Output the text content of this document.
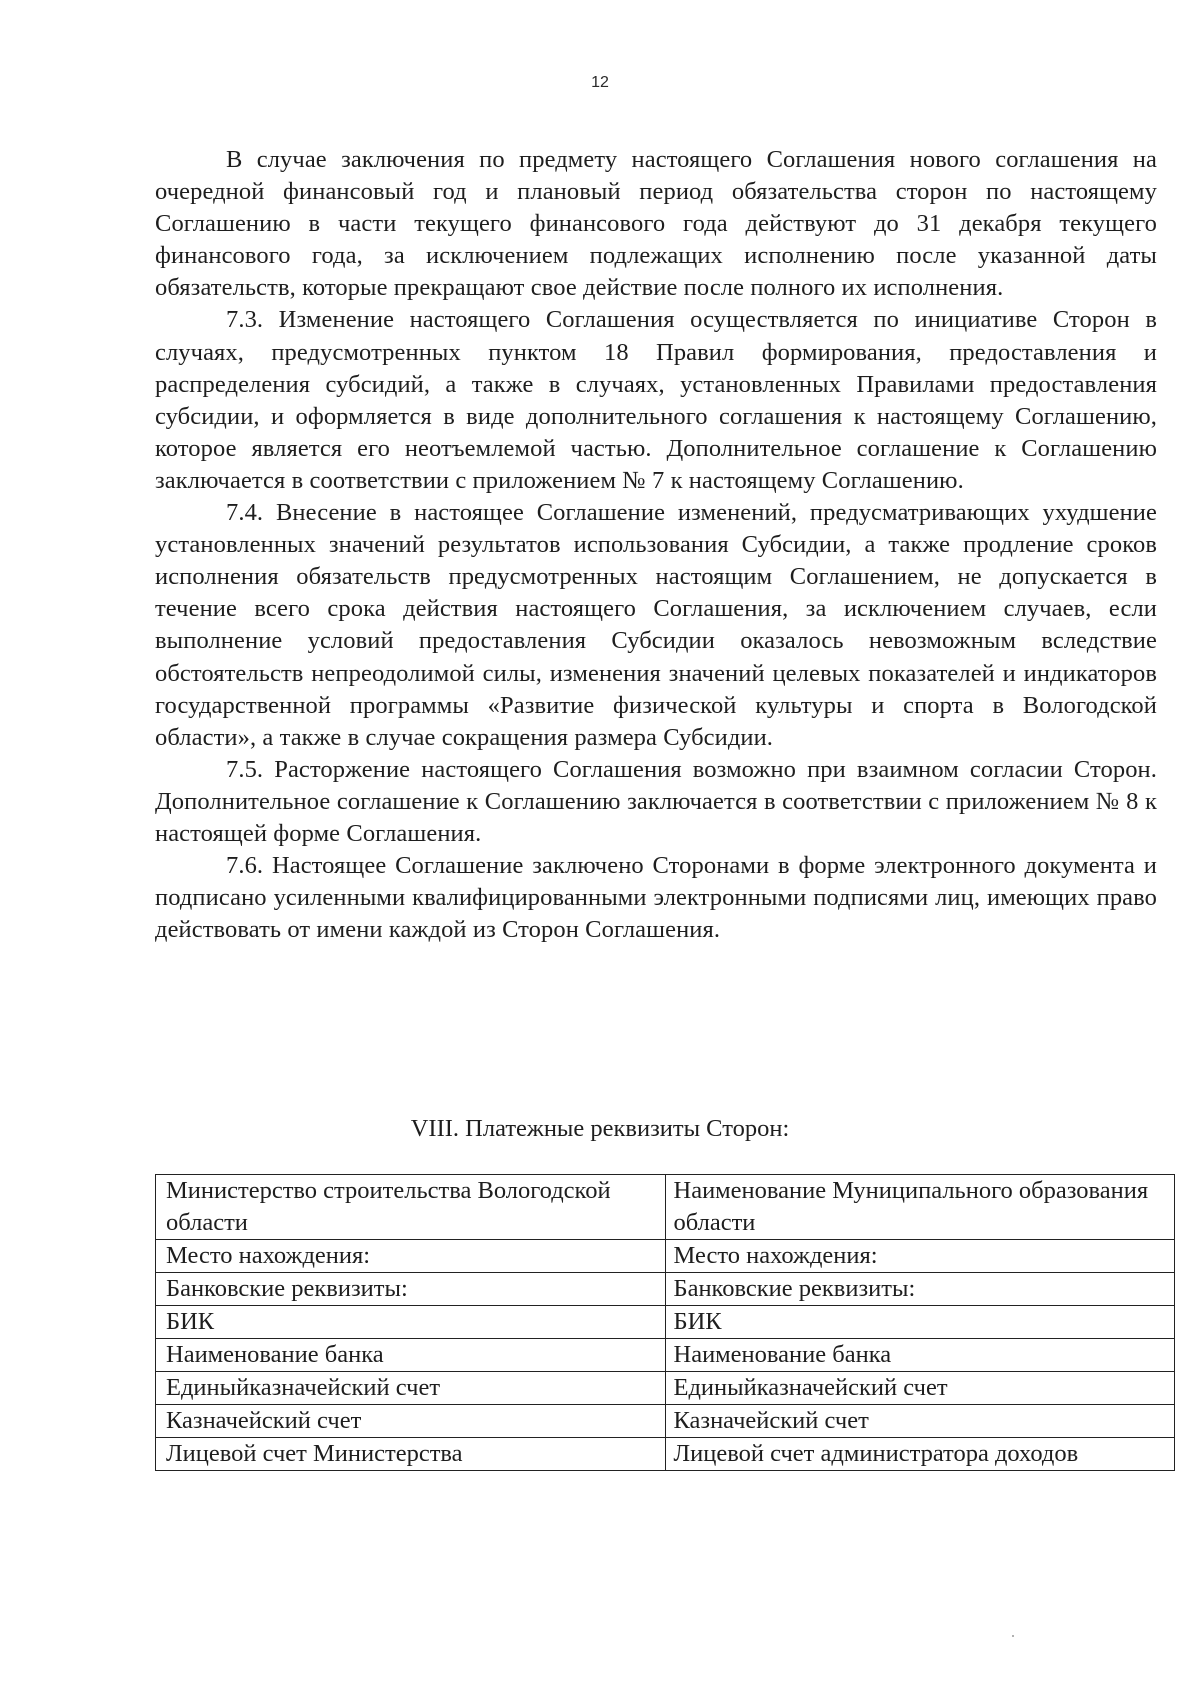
12

В случае заключения по предмету настоящего Соглашения нового соглашения на очередной финансовый год и плановый период обязательства сторон по настоящему Соглашению в части текущего финансового года действуют до 31 декабря текущего финансового года, за исключением подлежащих исполнению после указанной даты обязательств, которые прекращают свое действие после полного их исполнения.

7.3. Изменение настоящего Соглашения осуществляется по инициативе Сторон в случаях, предусмотренных пунктом 18 Правил формирования, предоставления и распределения субсидий, а также в случаях, установленных Правилами предоставления субсидии, и оформляется в виде дополнительного соглашения к настоящему Соглашению, которое является его неотъемлемой частью. Дополнительное соглашение к Соглашению заключается в соответствии с приложением № 7 к настоящему Соглашению.

7.4. Внесение в настоящее Соглашение изменений, предусматривающих ухудшение установленных значений результатов использования Субсидии, а также продление сроков исполнения обязательств предусмотренных настоящим Соглашением, не допускается в течение всего срока действия настоящего Соглашения, за исключением случаев, если выполнение условий предоставления Субсидии оказалось невозможным вследствие обстоятельств непреодолимой силы, изменения значений целевых показателей и индикаторов государственной программы «Развитие физической культуры и спорта в Вологодской области», а также в случае сокращения размера Субсидии.

7.5. Расторжение настоящего Соглашения возможно при взаимном согласии Сторон. Дополнительное соглашение к Соглашению заключается в соответствии с приложением № 8 к настоящей форме Соглашения.

7.6. Настоящее Соглашение заключено Сторонами в форме электронного документа и подписано усиленными квалифицированными электронными подписями лиц, имеющих право действовать от имени каждой из Сторон Соглашения.

VIII. Платежные реквизиты Сторон:
Министерство строительства Вологодской области	Наименование Муниципального образования области
Место нахождения:	Место нахождения:
Банковские реквизиты:	Банковские реквизиты:
БИК	БИК
Наименование банка	Наименование банка
Единыйказначейский счет	Единыйказначейский счет
Казначейский счет	Казначейский счет
Лицевой счет Министерства	Лицевой счет администратора доходов
